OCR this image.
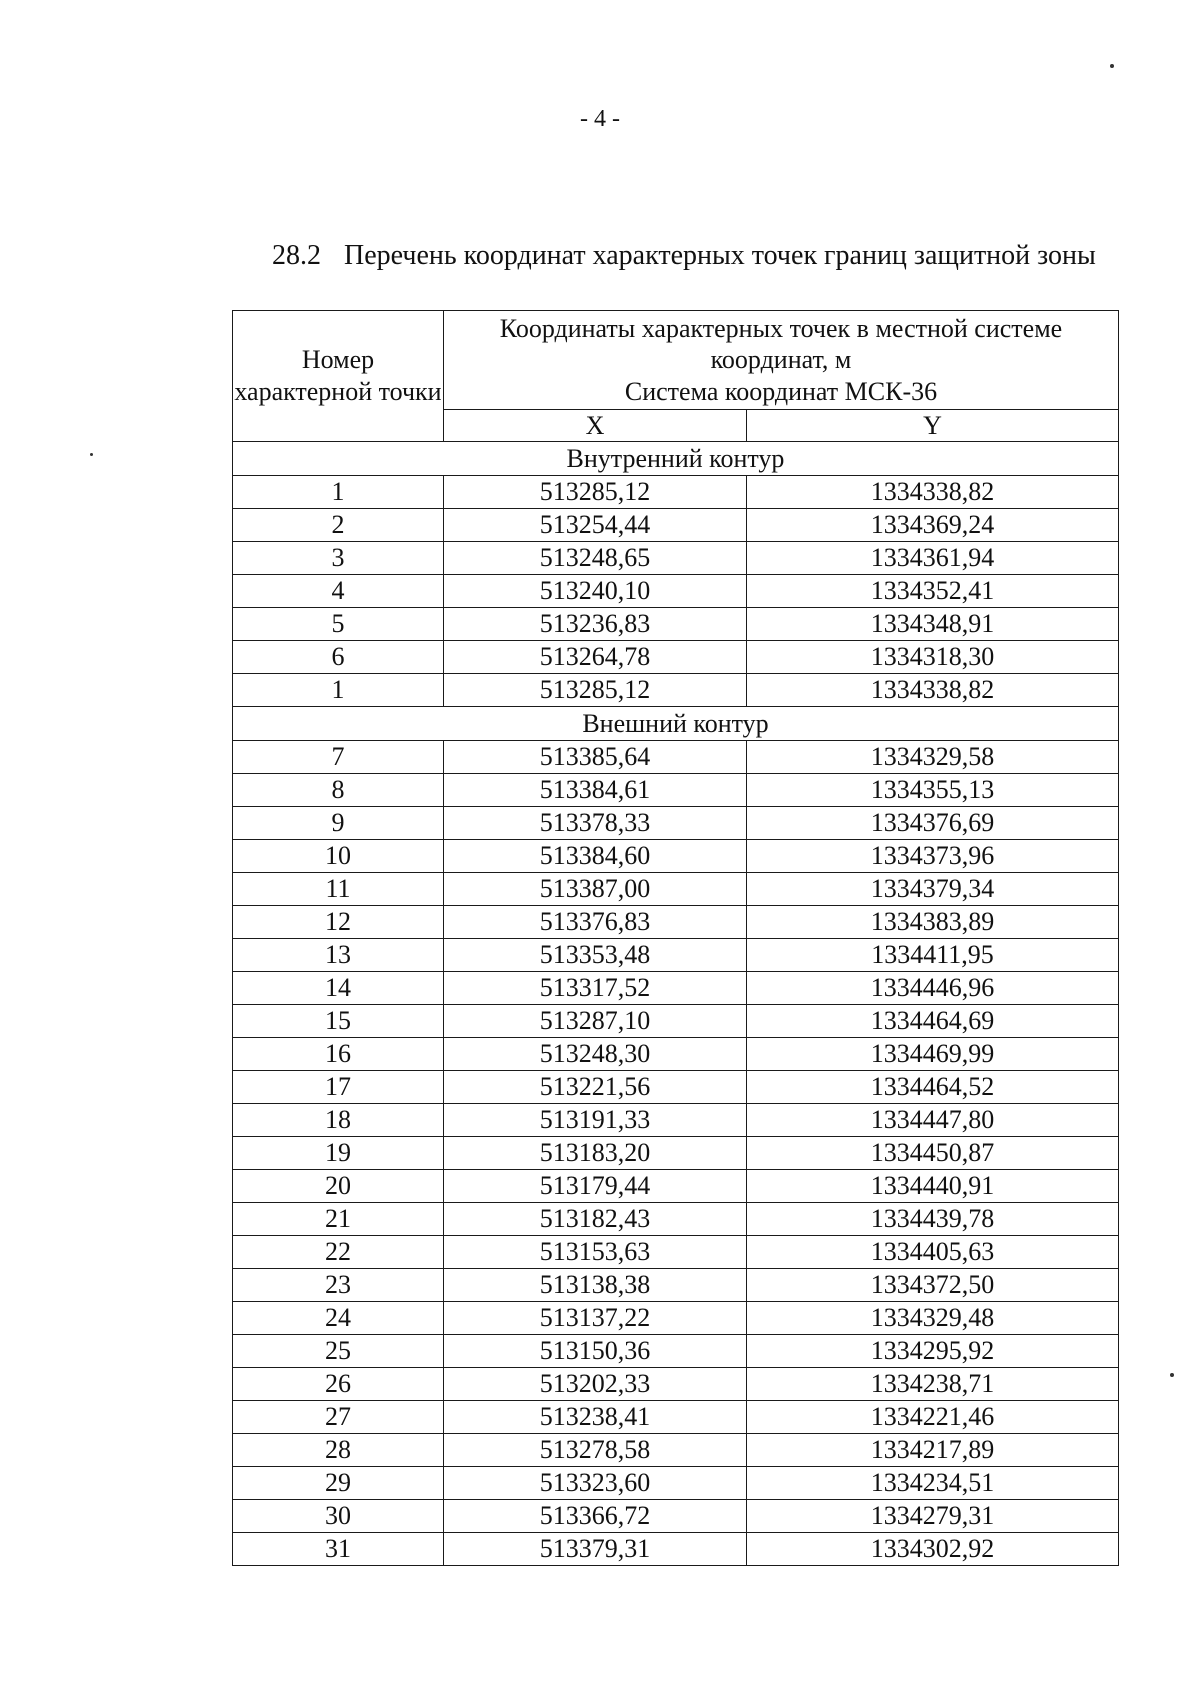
- 4 -
28.2 Перечень координат характерных точек границ защитной зоны
Номер характерной точки	Координаты характерных точек в местной системе
координат, м
Система координат МСК-36	

	X	Y
Внутренний контур		
1	513285,12	1334338,82
2	513254,44	1334369,24
3	513248,65	1334361,94
4	513240,10	1334352,41
5	513236,83	1334348,91
6	513264,78	1334318,30
1	513285,12	1334338,82
Внешний контур		
7	513385,64	1334329,58
8	513384,61	1334355,13
9	513378,33	1334376,69
10	513384,60	1334373,96
11	513387,00	1334379,34
12	513376,83	1334383,89
13	513353,48	1334411,95
14	513317,52	1334446,96
15	513287,10	1334464,69
16	513248,30	1334469,99
17	513221,56	1334464,52
18	513191,33	1334447,80
19	513183,20	1334450,87
20	513179,44	1334440,91
21	513182,43	1334439,78
22	513153,63	1334405,63
23	513138,38	1334372,50
24	513137,22	1334329,48
25	513150,36	1334295,92
26	513202,33	1334238,71
27	513238,41	1334221,46
28	513278,58	1334217,89
29	513323,60	1334234,51
30	513366,72	1334279,31
31	513379,31	1334302,92
